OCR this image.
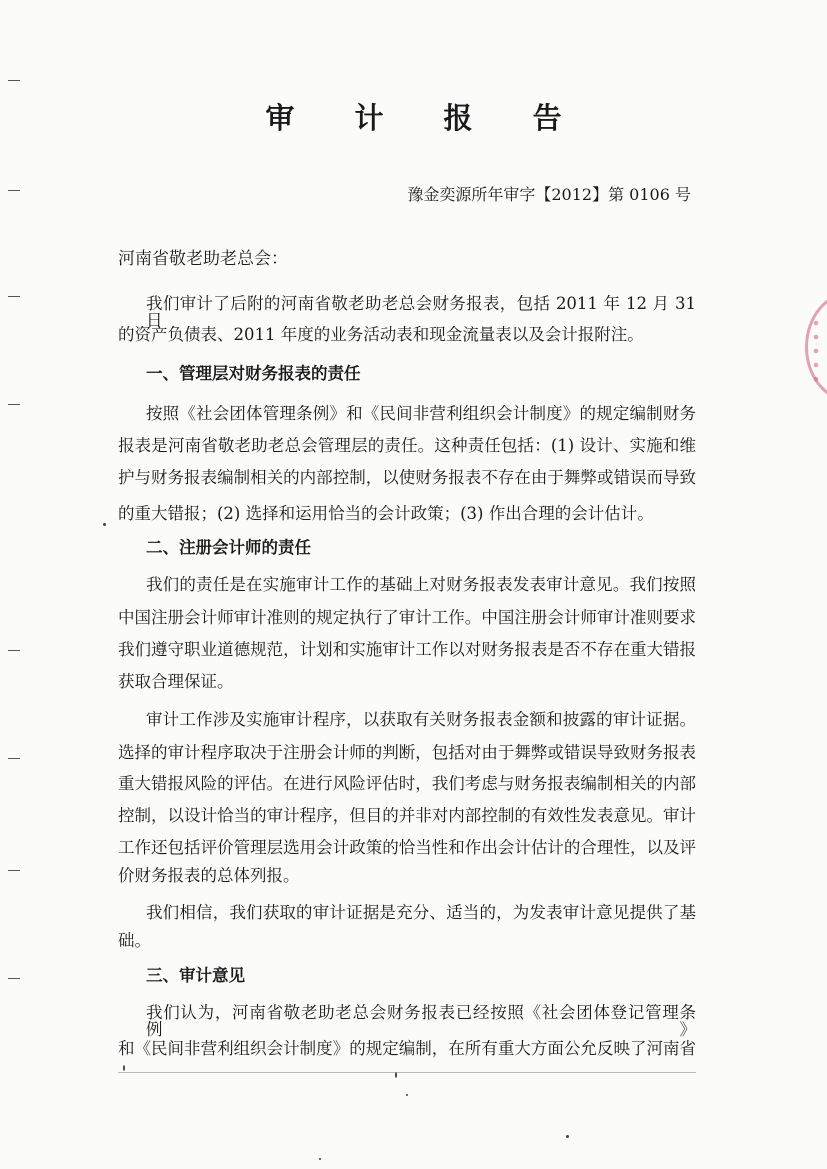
审 计 报 告
豫金奕源所年审字【2012】第 0106 号
河南省敬老助老总会：
我们审计了后附的河南省敬老助老总会财务报表，包括 2011 年 12 月 31 日
的资产负债表、2011 年度的业务活动表和现金流量表以及会计报附注。
一、管理层对财务报表的责任
按照《社会团体管理条例》和《民间非营利组织会计制度》的规定编制财务
报表是河南省敬老助老总会管理层的责任。这种责任包括：(1) 设计、实施和维
护与财务报表编制相关的内部控制，以使财务报表不存在由于舞弊或错误而导致
的重大错报；(2) 选择和运用恰当的会计政策；(3) 作出合理的会计估计。
二、注册会计师的责任
我们的责任是在实施审计工作的基础上对财务报表发表审计意见。我们按照
中国注册会计师审计准则的规定执行了审计工作。中国注册会计师审计准则要求
我们遵守职业道德规范，计划和实施审计工作以对财务报表是否不存在重大错报
获取合理保证。
审计工作涉及实施审计程序，以获取有关财务报表金额和披露的审计证据。
选择的审计程序取决于注册会计师的判断，包括对由于舞弊或错误导致财务报表
重大错报风险的评估。在进行风险评估时，我们考虑与财务报表编制相关的内部
控制，以设计恰当的审计程序，但目的并非对内部控制的有效性发表意见。审计
工作还包括评价管理层选用会计政策的恰当性和作出会计估计的合理性，以及评
价财务报表的总体列报。
我们相信，我们获取的审计证据是充分、适当的，为发表审计意见提供了基
础。
三、审计意见
我们认为，河南省敬老助老总会财务报表已经按照《社会团体登记管理条例》
和《民间非营利组织会计制度》的规定编制，在所有重大方面公允反映了河南省
